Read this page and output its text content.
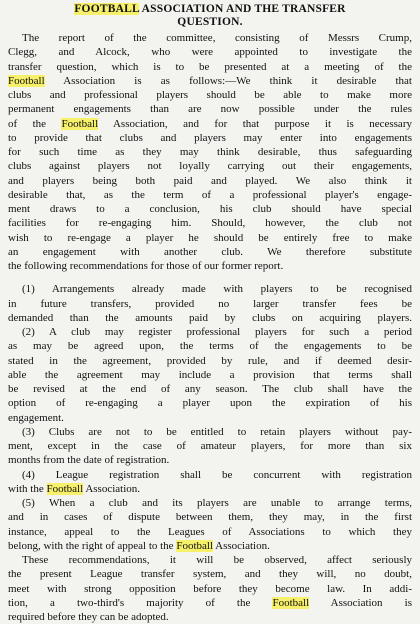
FOOTBALL ASSOCIATION AND THE TRANSFER
QUESTION.
The report of the committee, consisting of Messrs Crump,
Clegg, and Alcock, who were appointed to investigate the
transfer question, which is to be presented at a meeting of the
Football Association is as follows:—We think it desirable that
clubs and professional players should be able to make more
permanent engagements than are now possible under the rules
of the Football Association, and for that purpose it is necessary
to provide that clubs and players may enter into engagements
for such time as they may think desirable, thus safeguarding
clubs against players not loyally carrying out their engagements,
and players being both paid and played. We also think it
desirable that, as the term of a professional player's engage-
ment draws to a conclusion, his club should have special
facilities for re-engaging him. Should, however, the club not
wish to re-engage a player he should be entirely free to make
an engagement with another club. We therefore substitute
the following recommendations for those of our former report.
(1) Arrangements already made with players to be recognised
in future transfers, provided no larger transfer fees be
demanded than the amounts paid by clubs on acquiring players.
(2) A club may register professional players for such a period
as may be agreed upon, the terms of the engagements to be
stated in the agreement, provided by rule, and if deemed desir-
able the agreement may include a provision that terms shall
be revised at the end of any season. The club shall have the
option of re-engaging a player upon the expiration of his
engagement.
(3) Clubs are not to be entitled to retain players without pay-
ment, except in the case of amateur players, for more than six
months from the date of registration.
(4) League registration shall be concurrent with registration
with the Football Association.
(5) When a club and its players are unable to arrange terms,
and in cases of dispute between them, they may, in the first
instance, appeal to the Leagues of Associations to which they
belong, with the right of appeal to the Football Association.
These recommendations, it will be observed, affect seriously
the present League transfer system, and they will, no doubt,
meet with strong opposition before they become law. In addi-
tion, a two-third's majority of the Football Association is
required before they can be adopted.
